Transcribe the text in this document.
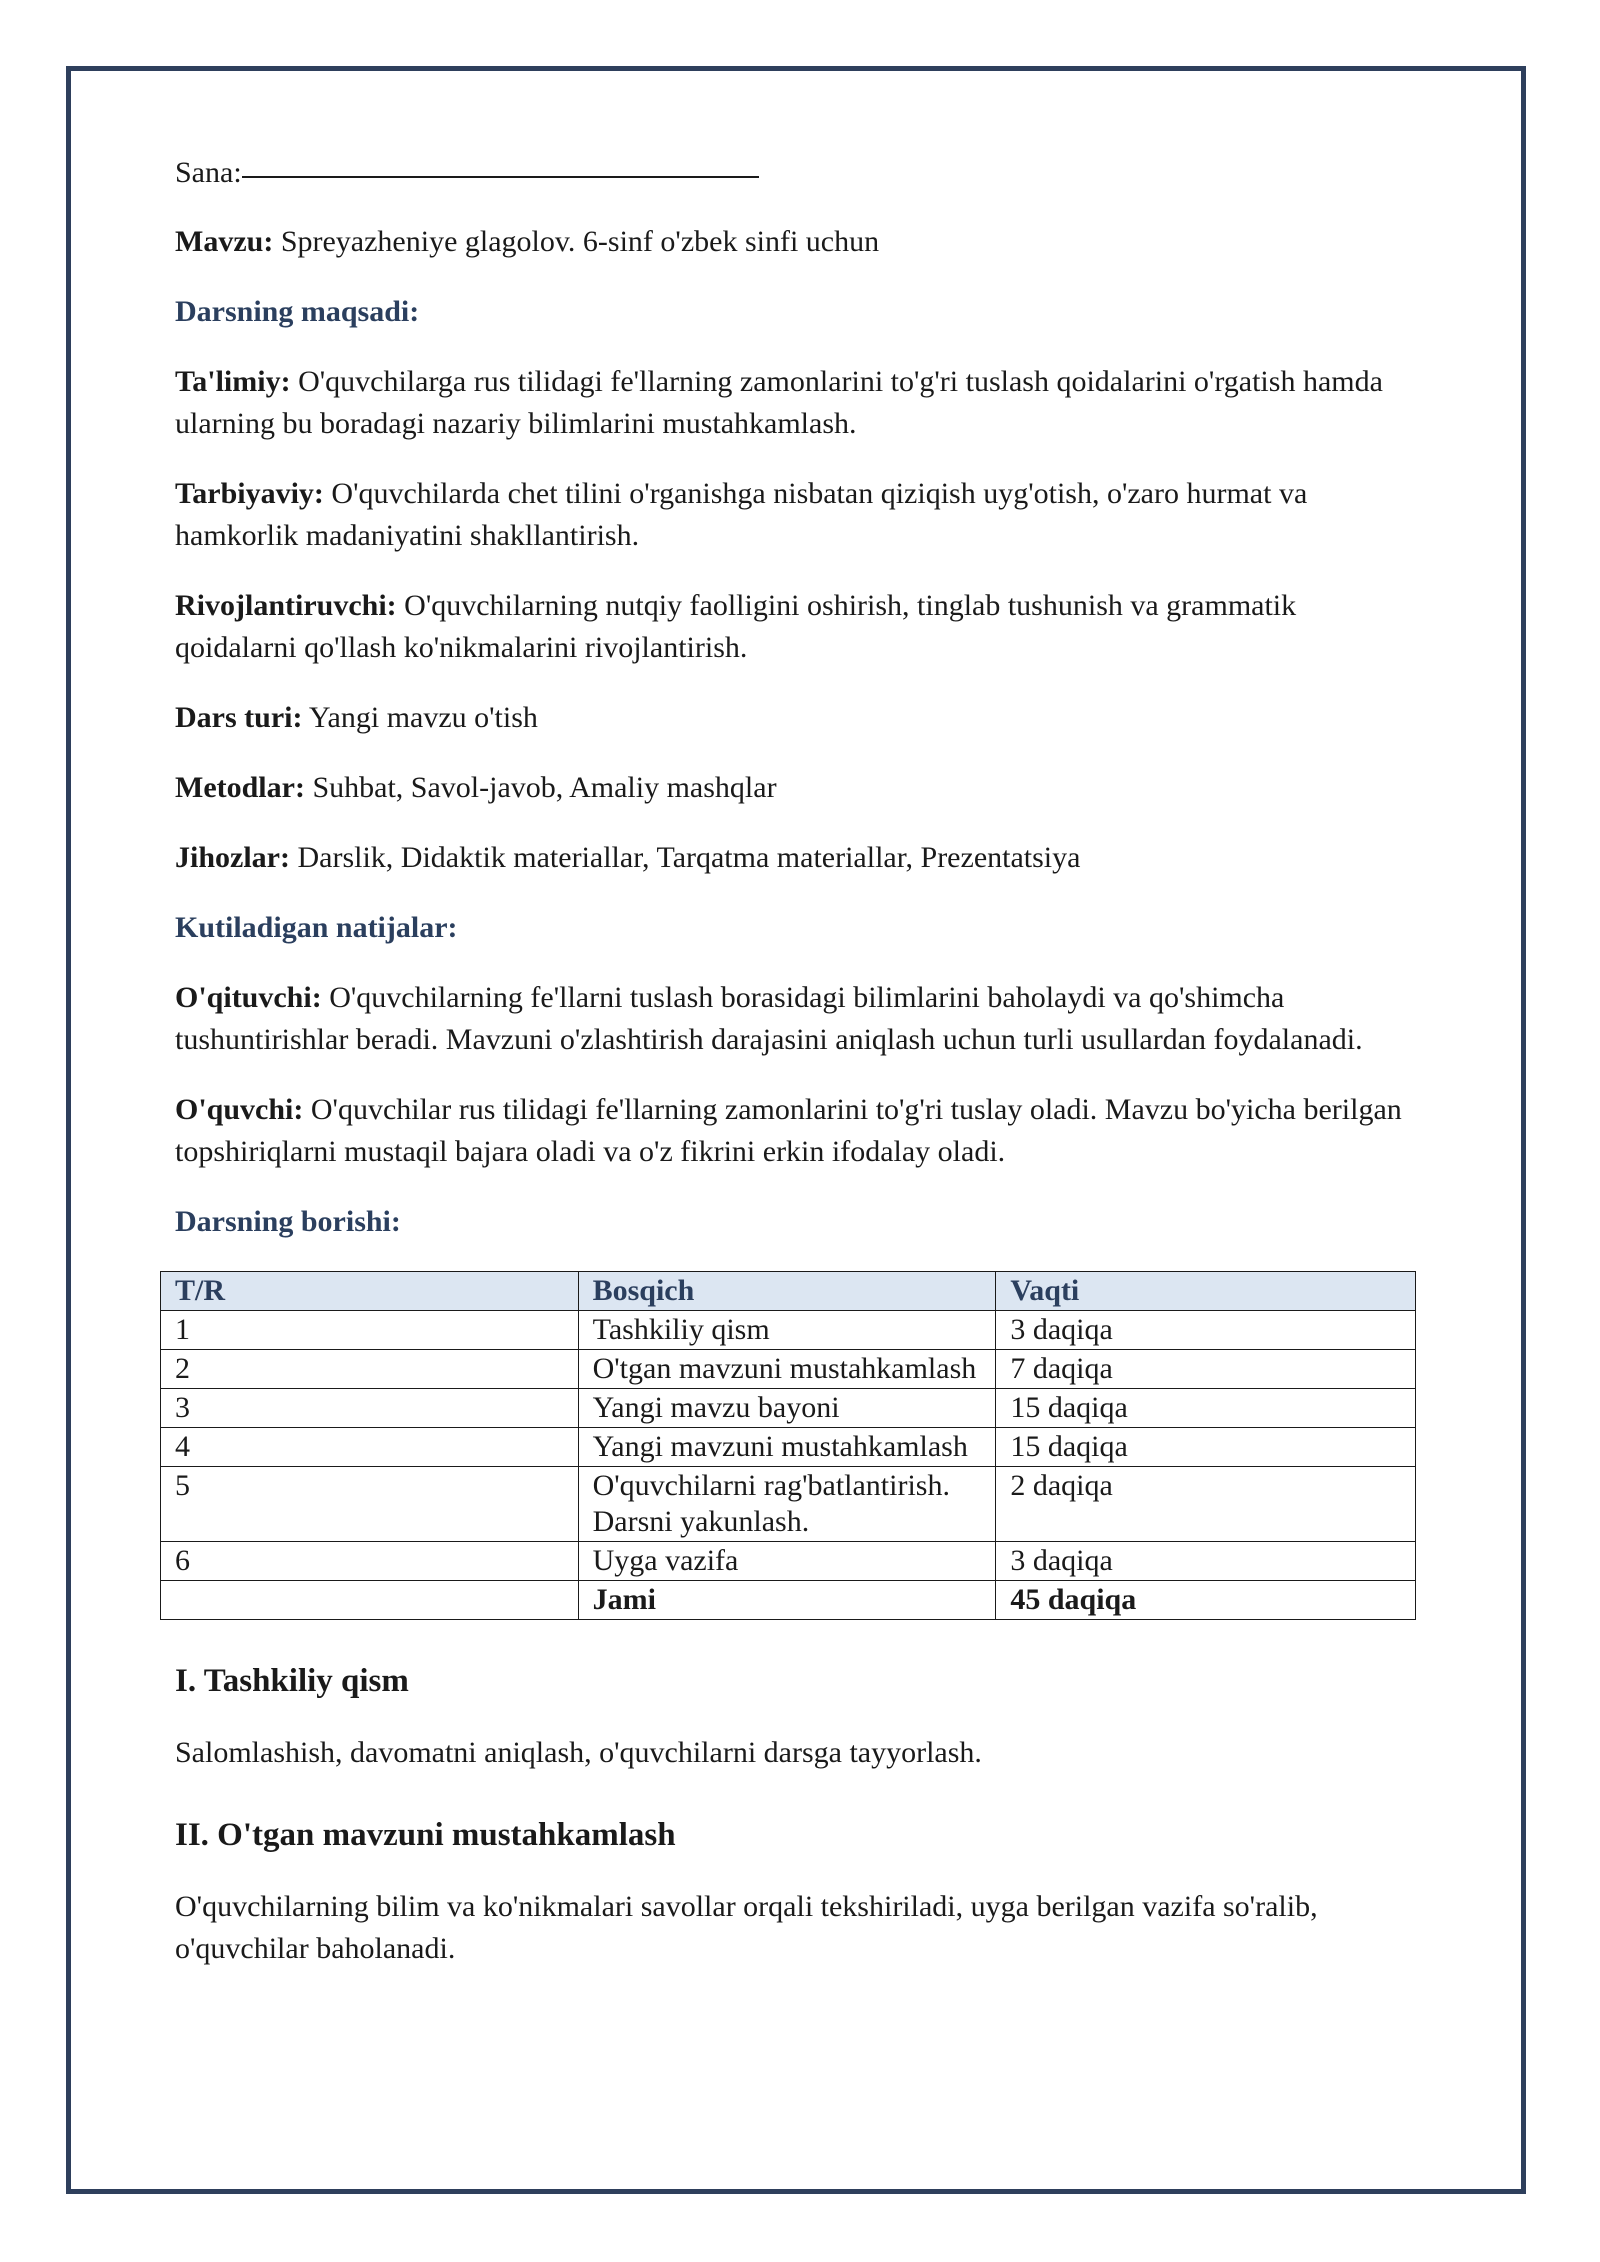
Sana:

Mavzu: Spreyazheniye glagolov. 6-sinf o'zbek sinfi uchun

Darsning maqsadi:

Ta'limiy: O'quvchilarga rus tilidagi fe'llarning zamonlarini to'g'ri tuslash qoidalarini o'rgatish hamda ularning bu boradagi nazariy bilimlarini mustahkamlash.

Tarbiyaviy: O'quvchilarda chet tilini o'rganishga nisbatan qiziqish uyg'otish, o'zaro hurmat va hamkorlik madaniyatini shakllantirish.

Rivojlantiruvchi: O'quvchilarning nutqiy faolligini oshirish, tinglab tushunish va grammatik qoidalarni qo'llash ko'nikmalarini rivojlantirish.

Dars turi: Yangi mavzu o'tish

Metodlar: Suhbat, Savol-javob, Amaliy mashqlar

Jihozlar: Darslik, Didaktik materiallar, Tarqatma materiallar, Prezentatsiya

Kutiladigan natijalar:

O'qituvchi: O'quvchilarning fe'llarni tuslash borasidagi bilimlarini baholaydi va qo'shimcha tushuntirishlar beradi. Mavzuni o'zlashtirish darajasini aniqlash uchun turli usullardan foydalanadi.

O'quvchi: O'quvchilar rus tilidagi fe'llarning zamonlarini to'g'ri tuslay oladi. Mavzu bo'yicha berilgan topshiriqlarni mustaqil bajara oladi va o'z fikrini erkin ifodalay oladi.

Darsning borishi:

T/R	Bosqich	Vaqti
1	Tashkiliy qism	3 daqiqa
2	O'tgan mavzuni mustahkamlash	7 daqiqa
3	Yangi mavzu bayoni	15 daqiqa
4	Yangi mavzuni mustahkamlash	15 daqiqa
5	O'quvchilarni rag'batlantirish. Darsni yakunlash.	2 daqiqa
6	Uyga vazifa	3 daqiqa
	Jami	45 daqiqa
I. Tashkiliy qism

Salomlashish, davomatni aniqlash, o'quvchilarni darsga tayyorlash.

II. O'tgan mavzuni mustahkamlash

O'quvchilarning bilim va ko'nikmalari savollar orqali tekshiriladi, uyga berilgan vazifa so'ralib, o'quvchilar baholanadi.
